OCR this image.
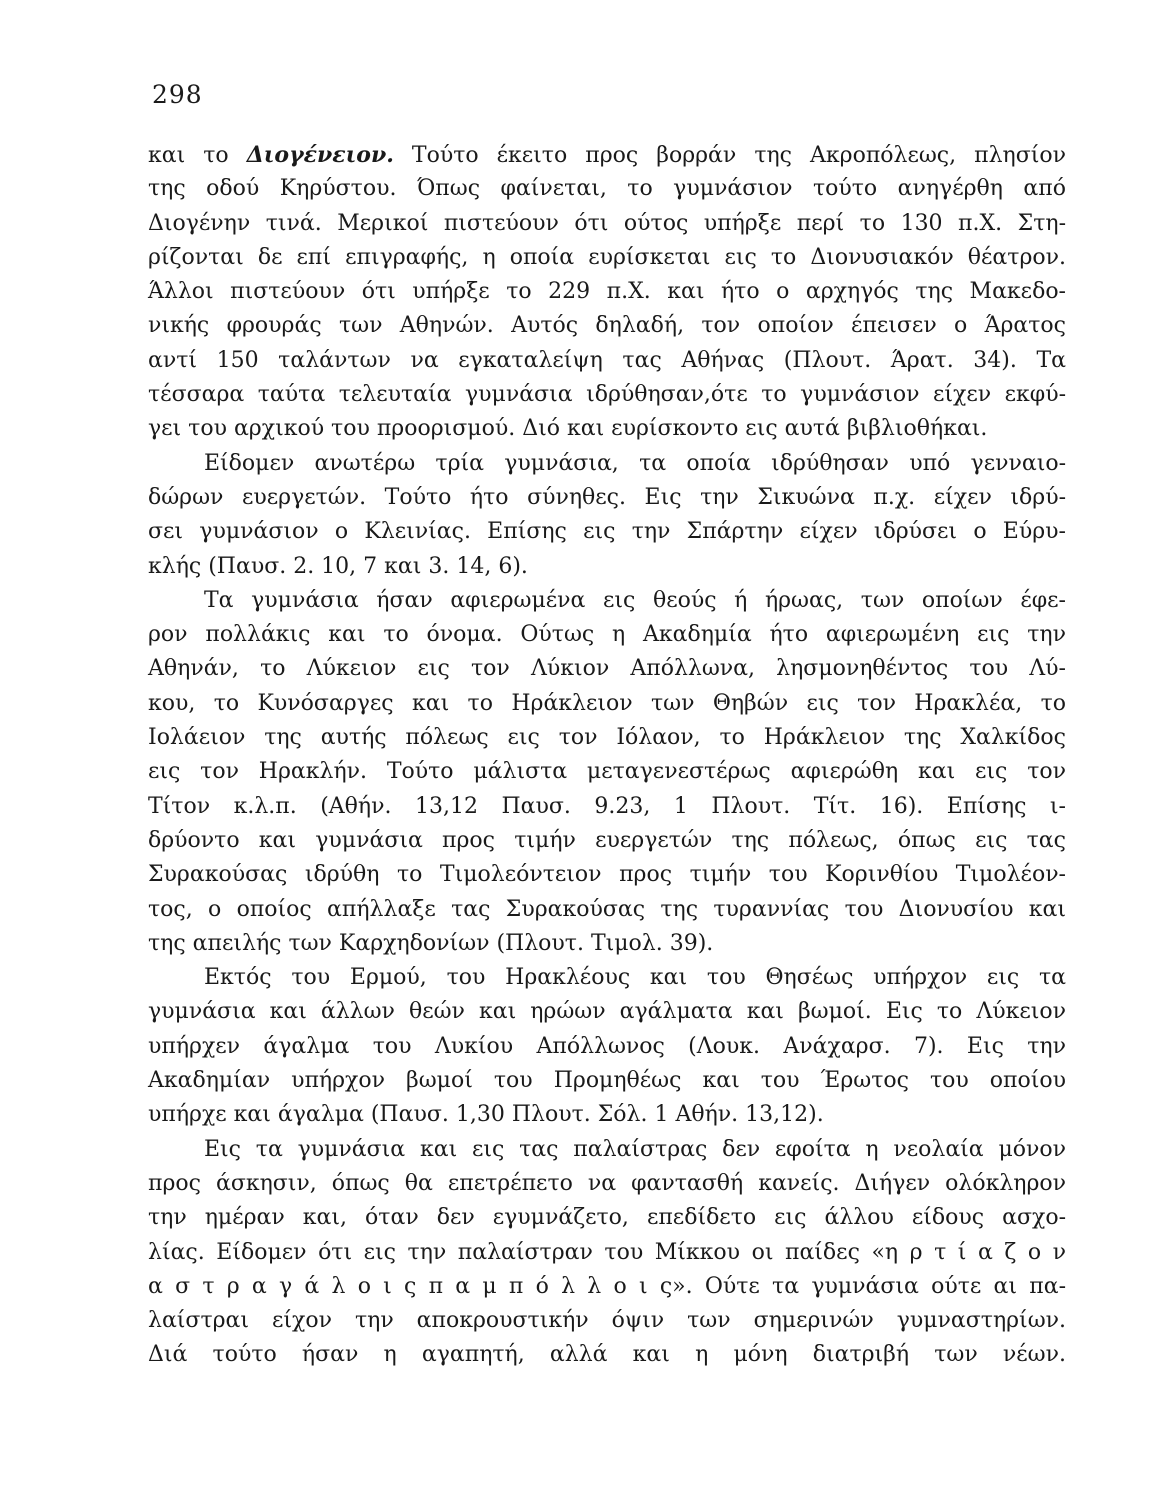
298
και το Διογένειον. Τούτο έκειτο προς βορράν της Ακροπόλεως, πλησίον
της οδού Κηρύστου. Όπως φαίνεται, το γυμνάσιον τούτο ανηγέρθη από
Διογένην τινά. Μερικοί πιστεύουν ότι ούτος υπήρξε περί το 130 π.Χ. Στη-
ρίζονται δε επί επιγραφής, η οποία ευρίσκεται εις το Διονυσιακόν θέατρον.
Άλλοι πιστεύουν ότι υπήρξε το 229 π.Χ. και ήτο ο αρχηγός της Μακεδο-
νικής φρουράς των Αθηνών. Αυτός δηλαδή, τον οποίον έπεισεν ο Άρατος
αντί 150 ταλάντων να εγκαταλείψη τας Αθήνας (Πλουτ. Άρατ. 34). Τα
τέσσαρα ταύτα τελευταία γυμνάσια ιδρύθησαν,ότε το γυμνάσιον είχεν εκφύ-
γει του αρχικού του προορισμού. Διό και ευρίσκοντο εις αυτά βιβλιοθήκαι.
Είδομεν ανωτέρω τρία γυμνάσια, τα οποία ιδρύθησαν υπό γενναιο-
δώρων ευεργετών. Τούτο ήτο σύνηθες. Εις την Σικυώνα π.χ. είχεν ιδρύ-
σει γυμνάσιον ο Κλεινίας. Επίσης εις την Σπάρτην είχεν ιδρύσει ο Εύρυ-
κλής (Παυσ. 2. 10, 7 και 3. 14, 6).
Τα γυμνάσια ήσαν αφιερωμένα εις θεούς ή ήρωας, των οποίων έφε-
ρον πολλάκις και το όνομα. Ούτως η Ακαδημία ήτο αφιερωμένη εις την
Αθηνάν, το Λύκειον εις τον Λύκιον Απόλλωνα, λησμονηθέντος του Λύ-
κου, το Κυνόσαργες και το Ηράκλειον των Θηβών εις τον Ηρακλέα, το
Ιολάειον της αυτής πόλεως εις τον Ιόλαον, το Ηράκλειον της Χαλκίδος
εις τον Ηρακλήν. Τούτο μάλιστα μεταγενεστέρως αφιερώθη και εις τον
Τίτον κ.λ.π. (Αθήν. 13,12 Παυσ. 9.23, 1 Πλουτ. Τίτ. 16). Επίσης ι-
δρύοντο και γυμνάσια προς τιμήν ευεργετών της πόλεως, όπως εις τας
Συρακούσας ιδρύθη το Τιμολεόντειον προς τιμήν του Κορινθίου Τιμολέον-
τος, ο οποίος απήλλαξε τας Συρακούσας της τυραννίας του Διονυσίου και
της απειλής των Καρχηδονίων (Πλουτ. Τιμολ. 39).
Εκτός του Ερμού, του Ηρακλέους και του Θησέως υπήρχον εις τα
γυμνάσια και άλλων θεών και ηρώων αγάλματα και βωμοί. Εις το Λύκειον
υπήρχεν άγαλμα του Λυκίου Απόλλωνος (Λουκ. Ανάχαρσ. 7). Εις την
Ακαδημίαν υπήρχον βωμοί του Προμηθέως και του Έρωτος του οποίου
υπήρχε και άγαλμα (Παυσ. 1,30 Πλουτ. Σόλ. 1 Αθήν. 13,12).
Εις τα γυμνάσια και εις τας παλαίστρας δεν εφοίτα η νεολαία μόνον
προς άσκησιν, όπως θα επετρέπετο να φαντασθή κανείς. Διήγεν ολόκληρον
την ημέραν και, όταν δεν εγυμνάζετο, επεδίδετο εις άλλου είδους ασχο-
λίας. Είδομεν ότι εις την παλαίστραν του Μίκκου οι παίδες «η ρ τ ί α ζ ο ν
α σ τ ρ α γ ά λ ο ι ς π α μ π ό λ λ ο ι ς». Ούτε τα γυμνάσια ούτε αι πα-
λαίστραι είχον την αποκρουστικήν όψιν των σημερινών γυμναστηρίων.
Διά τούτο ήσαν η αγαπητή, αλλά και η μόνη διατριβή των νέων.
